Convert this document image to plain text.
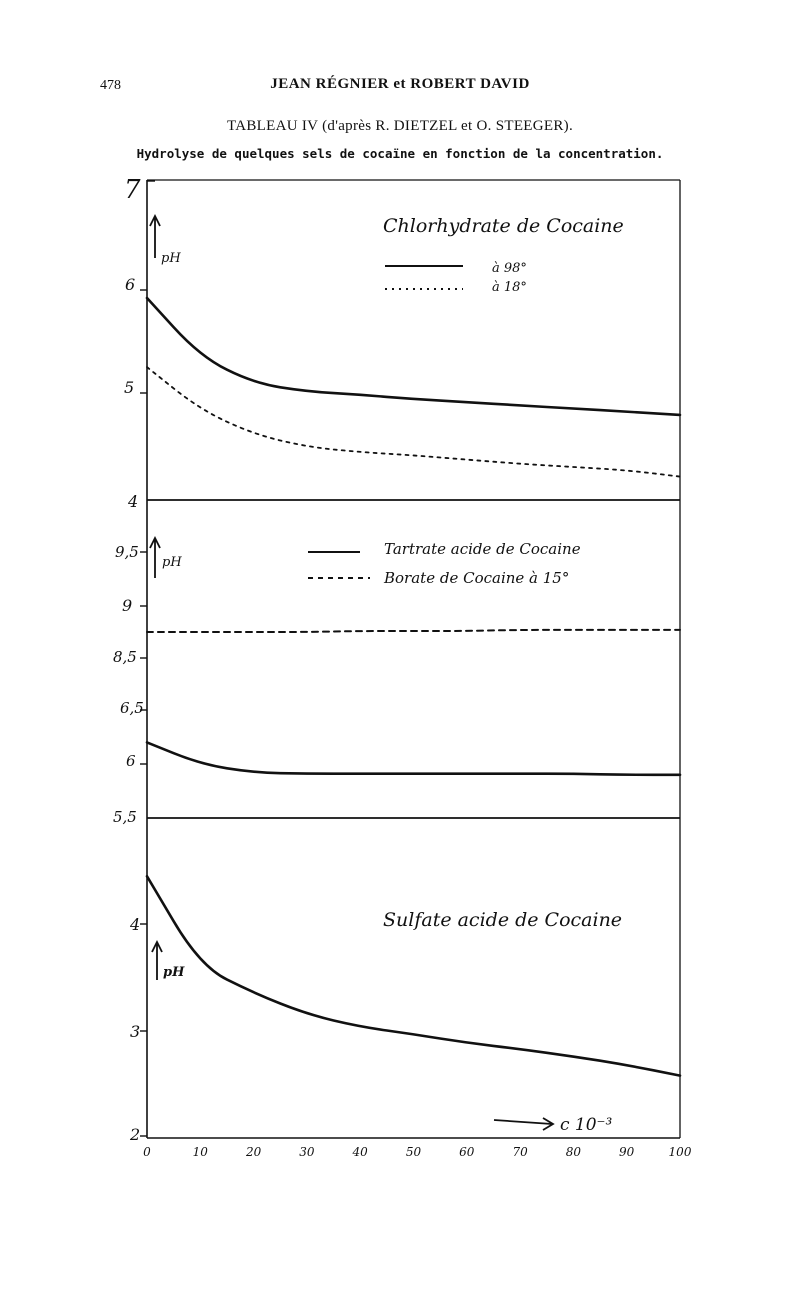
478	JEAN RÉGNIER et ROBERT DAVID
TABLEAU IV (d'après R. DIETZEL et O. STEEGER).
Hydrolyse de quelques sels de cocaïne en fonction de la concentration.
7
6
5
4
9,5
9
8,5
6,5
6
5,5
4
3
2
pH
pH
pH
Chlorhydrate de Cocaine
à 98°
à 18°
Tartrate acide de Cocaine
Borate de Cocaine à 15°
Sulfate acide de Cocaine
c 10⁻³
0	10	20	30	40	50	60	70	80	90	100
